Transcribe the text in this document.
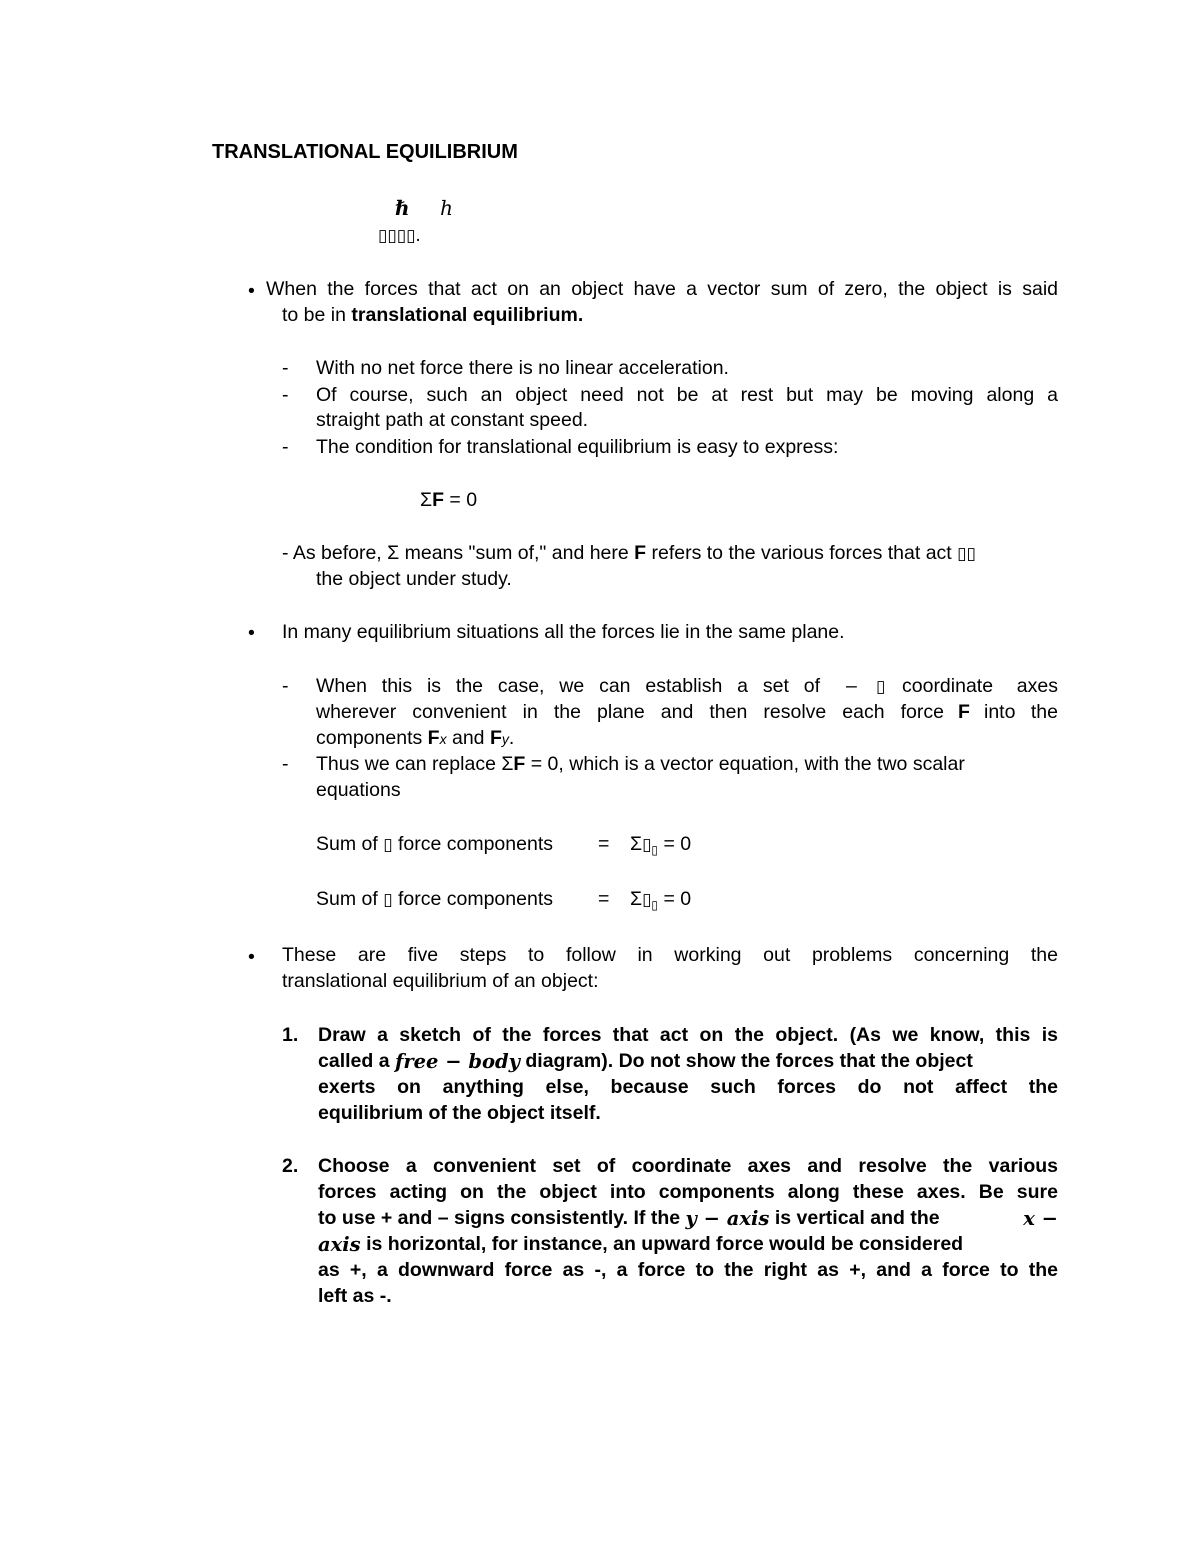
TRANSLATIONAL EQUILIBRIUM
ℏ ℎ
▯▯▯▯.
• When the forces that act on an object have a vector sum of zero, the object is said
to be in translational equilibrium.
- With no net force there is no linear acceleration.
- Of course, such an object need not be at rest but may be moving along a
straight path at constant speed.
- The condition for translational equilibrium is easy to express:
ΣF = 0
- As before, Σ means "sum of," and here F refers to the various forces that act ▯▯
the object under study.
• In many equilibrium situations all the forces lie in the same plane.
- When this is the case, we can establish a set of – ▯ coordinate axes
wherever convenient in the plane and then resolve each force F into the
components Fx and Fy.
- Thus we can replace Σ F = 0, which is a vector equation, with the two scalar
equations
Sum of ▯ force components = $\Sigma▯_▯ = 0$
Sum of ▯ force components = $\Sigma▯_▯ = 0$
• These are five steps to follow in working out problems concerning the
translational equilibrium of an object:
1. Draw a sketch of the forces that act on the object. (As we know, this is
called a free − body diagram). Do not show the forces that the object
exerts on anything else, because such forces do not affect the
equilibrium of the object itself.
2. Choose a convenient set of coordinate axes and resolve the various
forces acting on the object into components along these axes. Be sure
to use + and – signs consistently. If the y − axis is vertical and the	x −
axis is horizontal, for instance, an upward force would be considered
as +, a downward force as -, a force to the right as +, and a force to the
left as -.
